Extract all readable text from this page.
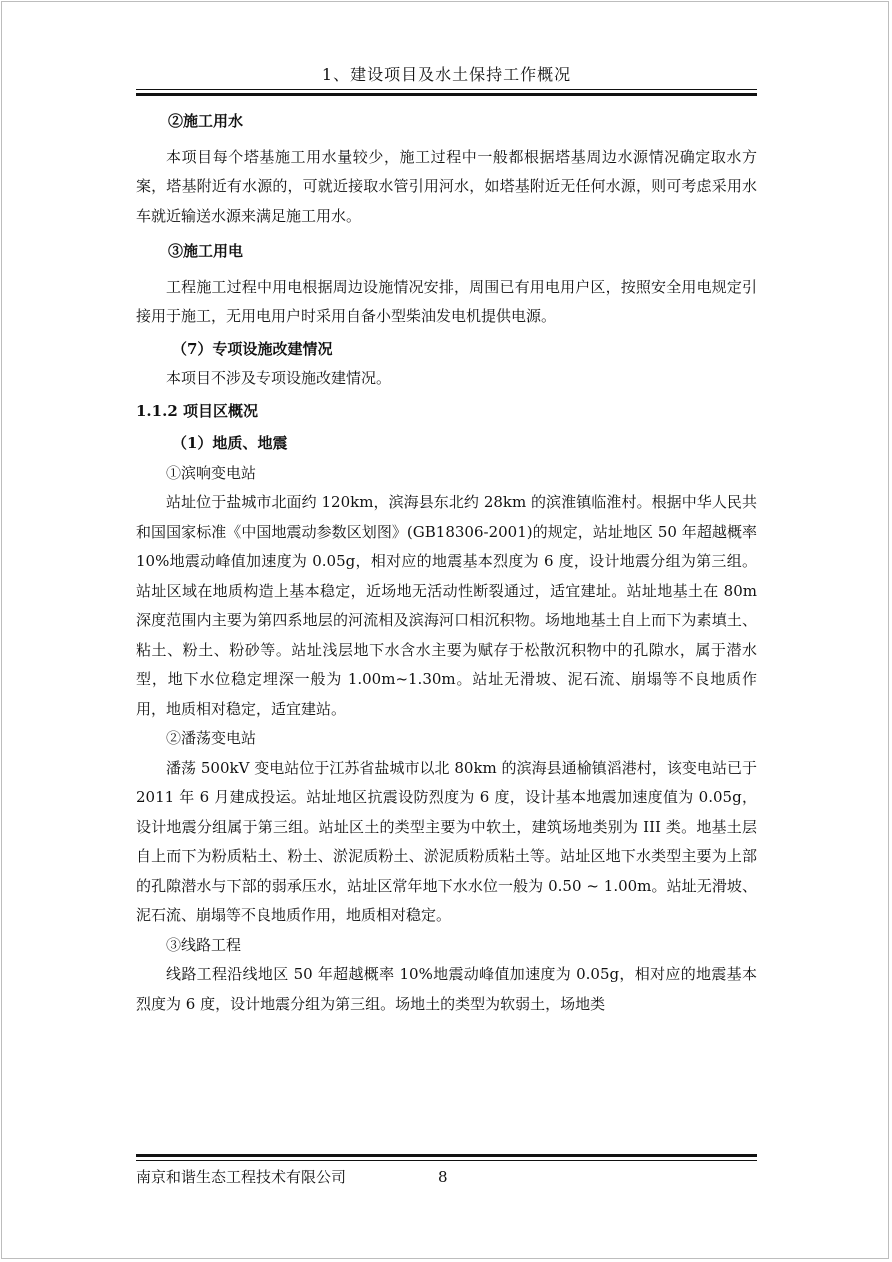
1、建设项目及水土保持工作概况

②施工用水

本项目每个塔基施工用水量较少，施工过程中一般都根据塔基周边水源情况确定取水方案，塔基附近有水源的，可就近接取水管引用河水，如塔基附近无任何水源，则可考虑采用水车就近输送水源来满足施工用水。

③施工用电

工程施工过程中用电根据周边设施情况安排，周围已有用电用户区，按照安全用电规定引接用于施工，无用电用户时采用自备小型柴油发电机提供电源。

（7）专项设施改建情况

本项目不涉及专项设施改建情况。

1.1.2 项目区概况

（1）地质、地震

①滨响变电站

站址位于盐城市北面约 120km，滨海县东北约 28km 的滨淮镇临淮村。根据中华人民共和国国家标准《中国地震动参数区划图》(GB18306-2001)的规定，站址地区 50 年超越概率 10%地震动峰值加速度为 0.05g，相对应的地震基本烈度为 6 度，设计地震分组为第三组。站址区域在地质构造上基本稳定，近场地无活动性断裂通过，适宜建址。站址地基土在 80m 深度范围内主要为第四系地层的河流相及滨海河口相沉积物。场地地基土自上而下为素填土、粘土、粉土、粉砂等。站址浅层地下水含水主要为赋存于松散沉积物中的孔隙水，属于潜水型，地下水位稳定埋深一般为 1.00m~1.30m。站址无滑坡、泥石流、崩塌等不良地质作用，地质相对稳定，适宜建站。

②潘荡变电站

潘荡 500kV 变电站位于江苏省盐城市以北 80km 的滨海县通榆镇滔港村，该变电站已于 2011 年 6 月建成投运。站址地区抗震设防烈度为 6 度，设计基本地震加速度值为 0.05g，设计地震分组属于第三组。站址区土的类型主要为中软土，建筑场地类别为 III 类。地基土层自上而下为粉质粘土、粉土、淤泥质粉土、淤泥质粉质粘土等。站址区地下水类型主要为上部的孔隙潜水与下部的弱承压水，站址区常年地下水水位一般为 0.50 ~ 1.00m。站址无滑坡、泥石流、崩塌等不良地质作用，地质相对稳定。

③线路工程

线路工程沿线地区 50 年超越概率 10%地震动峰值加速度为 0.05g，相对应的地震基本烈度为 6 度，设计地震分组为第三组。场地土的类型为软弱土，场地类

南京和谐生态工程技术有限公司	8
